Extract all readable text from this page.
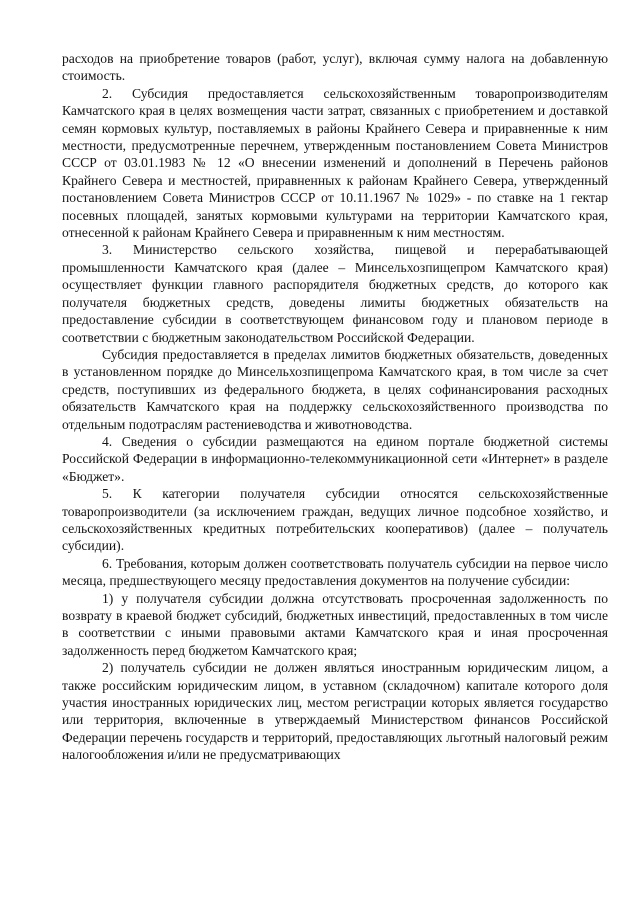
расходов на приобретение товаров (работ, услуг), включая сумму налога на добавленную стоимость.

2. Субсидия предоставляется сельскохозяйственным товаропроизводителям Камчатского края в целях возмещения части затрат, связанных с приобретением и доставкой семян кормовых культур, поставляемых в районы Крайнего Севера и приравненные к ним местности, предусмотренные перечнем, утвержденным постановлением Совета Министров СССР от 03.01.1983 № 12 «О внесении изменений и дополнений в Перечень районов Крайнего Севера и местностей, приравненных к районам Крайнего Севера, утвержденный постановлением Совета Министров СССР от 10.11.1967 № 1029» - по ставке на 1 гектар посевных площадей, занятых кормовыми культурами на территории Камчатского края, отнесенной к районам Крайнего Севера и приравненным к ним местностям.

3. Министерство сельского хозяйства, пищевой и перерабатывающей промышленности Камчатского края (далее – Минсельхозпищепром Камчатского края) осуществляет функции главного распорядителя бюджетных средств, до которого как получателя бюджетных средств, доведены лимиты бюджетных обязательств на предоставление субсидии в соответствующем финансовом году и плановом периоде в соответствии с бюджетным законодательством Российской Федерации.

Субсидия предоставляется в пределах лимитов бюджетных обязательств, доведенных в установленном порядке до Минсельхозпищепрома Камчатского края, в том числе за счет средств, поступивших из федерального бюджета, в целях софинансирования расходных обязательств Камчатского края на поддержку сельскохозяйственного производства по отдельным подотраслям растениеводства и животноводства.

4. Сведения о субсидии размещаются на едином портале бюджетной системы Российской Федерации в информационно-телекоммуникационной сети «Интернет» в разделе «Бюджет».

5. К категории получателя субсидии относятся сельскохозяйственные товаропроизводители (за исключением граждан, ведущих личное подсобное хозяйство, и сельскохозяйственных кредитных потребительских кооперативов) (далее – получатель субсидии).

6. Требования, которым должен соответствовать получатель субсидии на первое число месяца, предшествующего месяцу предоставления документов на получение субсидии:

1) у получателя субсидии должна отсутствовать просроченная задолженность по возврату в краевой бюджет субсидий, бюджетных инвестиций, предоставленных в том числе в соответствии с иными правовыми актами Камчатского края и иная просроченная задолженность перед бюджетом Камчатского края;

2) получатель субсидии не должен являться иностранным юридическим лицом, а также российским юридическим лицом, в уставном (складочном) капитале которого доля участия иностранных юридических лиц, местом регистрации которых является государство или территория, включенные в утверждаемый Министерством финансов Российской Федерации перечень государств и территорий, предоставляющих льготный налоговый режим налогообложения и/или не предусматривающих
